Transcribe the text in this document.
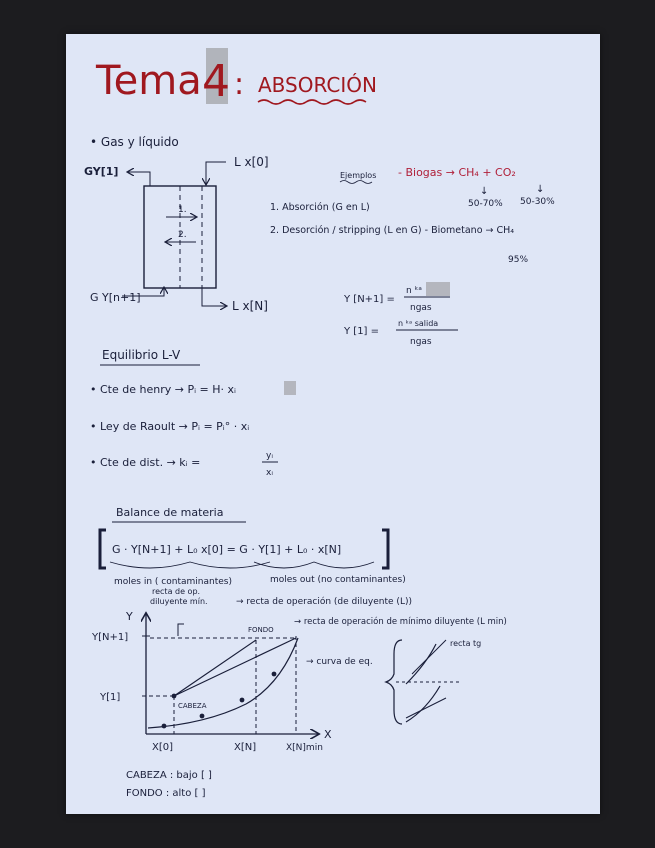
Tema 4 : ABSORCIÓN
• Gas y líquido
1.
2.
GY[1]
L x[0]
G Y[n+1]
L x[N]
Ejemplos - Biogas → CH₄ + CO₂
↓	↓
50-70% 50-30%
1. Absorción (G en L)
2. Desorción / stripping (L en G) - Biometano → CH₄
95%
Y [N+1] =
n ᵏᵃ
ngas
Y [1] =
n ᵏᵃ salida
ngas
Equilibrio L-V
• Cte de henry → Pᵢ = H· xᵢ
• Ley de Raoult → Pᵢ = Pᵢ° · xᵢ
• Cte de dist. → kᵢ =	yᵢ
xᵢ
Balance de materia
G · Y[N+1] + L₀ x[0] = G · Y[1] + L₀ · x[N]
moles in ( contaminantes)	moles out (no contaminantes)
Y
X
Y[N+1]
Y[1]
X[0]	X[N]	X[N]min
recta de op.
diluyente mín.	→ recta de operación (de diluyente (L))
→ recta de operación de mínimo diluyente (L min)
FONDO
→ curva de eq.
CABEZA
recta tg
CABEZA : bajo [ ]
FONDO : alto [ ]
